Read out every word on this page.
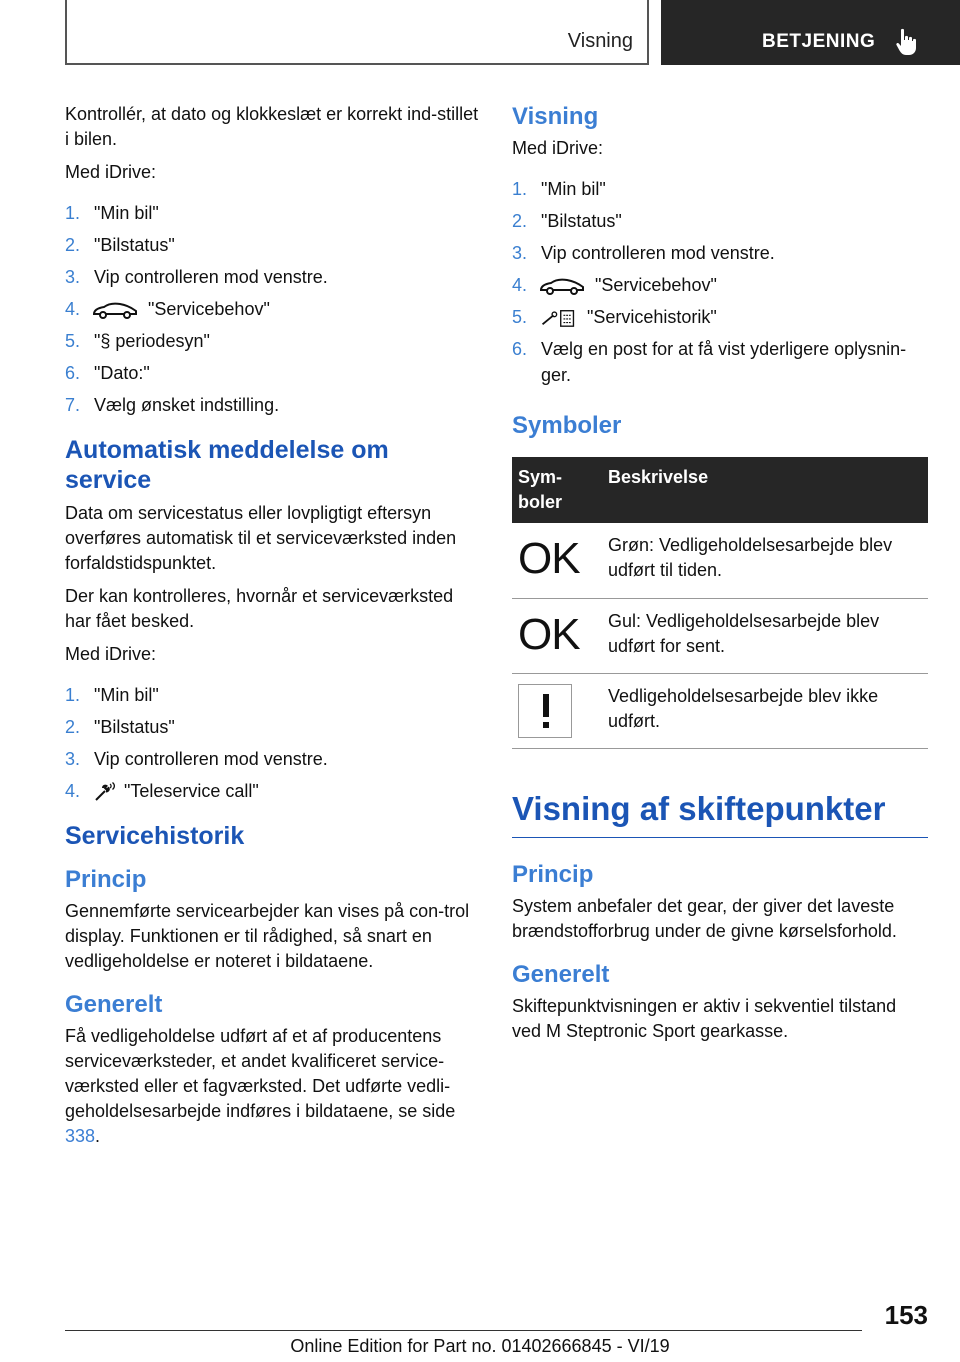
Visning	BETJENING

Kontrollér, at dato og klokkeslæt er korrekt ind-stillet i bilen.

Med iDrive:

1. "Min bil"
2. "Bilstatus"
3. Vip controlleren mod venstre.
4.	"Servicebehov"
5. "§ periodesyn"
6. "Dato:"
7. Vælg ønsket indstilling.
Automatisk meddelelse om service

Data om servicestatus eller lovpligtigt eftersyn overføres automatisk til et serviceværksted inden forfaldstidspunktet.

Der kan kontrolleres, hvornår et serviceværksted har fået besked.

Med iDrive:

1. "Min bil"
2. "Bilstatus"
3. Vip controlleren mod venstre.
4.	"Teleservice call"
Servicehistorik
Princip

Gennemførte servicearbejder kan vises på con-trol display. Funktionen er til rådighed, så snart en vedligeholdelse er noteret i bildataene.

Generelt

Få vedligeholdelse udført af et af producentens serviceværksteder, et andet kvalificeret service-værksted eller et fagværksted. Det udførte vedli-geholdelsesarbejde indføres i bildataene, se side 338.

Visning

Med iDrive:

1. "Min bil"
2. "Bilstatus"
3. Vip controlleren mod venstre.
4.	"Servicebehov"
5.	"Servicehistorik"
6. Vælg en post for at få vist yderligere oplysnin-ger.
Symboler
Sym-boler	Beskrivelse
OK	Grøn: Vedligeholdelsesarbejde blev udført til tiden.
OK	Gul: Vedligeholdelsesarbejde blev udført for sent.

	Vedligeholdelsesarbejde blev ikke udført.
Visning af skiftepunkter
Princip

System anbefaler det gear, der giver det laveste brændstofforbrug under de givne kørselsforhold.

Generelt

Skiftepunktvisningen er aktiv i sekventiel tilstand ved M Steptronic Sport gearkasse.

153
Online Edition for Part no. 01402666845 - VI/19
